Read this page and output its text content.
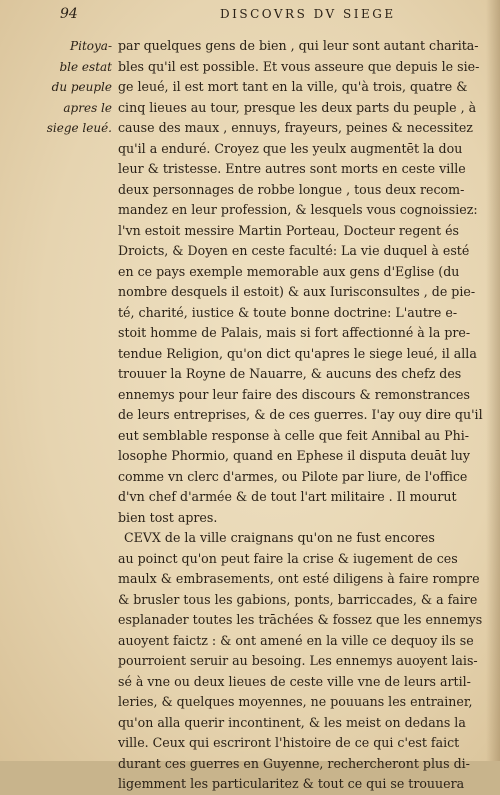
94	DISCOVRS DV SIEGE
Pitoya-
ble estat
du peuple
apres le
siege leué.
par quelques gens de bien , qui leur sont autant charita-
bles qu'il est possible. Et vous asseure que depuis le sie-
ge leué, il est mort tant en la ville, qu'à trois, quatre &
cinq lieues au tour, presque les deux parts du peuple , à
cause des maux , ennuys, frayeurs, peines & necessitez
qu'il a enduré. Croyez que les yeulx augmentēt la dou
leur & tristesse. Entre autres sont morts en ceste ville
deux personnages de robbe longue , tous deux recom-
mandez en leur profession, & lesquels vous cognoissiez:
l'vn estoit messire Martin Porteau, Docteur regent és
Droicts, & Doyen en ceste faculté: La vie duquel à esté
en ce pays exemple memorable aux gens d'Eglise (du
nombre desquels il estoit) & aux Iurisconsultes , de pie-
té, charité, iustice & toute bonne doctrine: L'autre e-
stoit homme de Palais, mais si fort affectionné à la pre-
tendue Religion, qu'on dict qu'apres le siege leué, il alla
trouuer la Royne de Nauarre, & aucuns des chefz des
ennemys pour leur faire des discours & remonstrances
de leurs entreprises, & de ces guerres. I'ay ouy dire qu'il
eut semblable response à celle que feit Annibal au Phi-
losophe Phormio, quand en Ephese il disputa deuāt luy
comme vn clerc d'armes, ou Pilote par liure, de l'office
d'vn chef d'armée & de tout l'art militaire . Il mourut
bien tost apres.
CEVX de la ville craignans qu'on ne fust encores
au poinct qu'on peut faire la crise & iugement de ces
maulx & embrasements, ont esté diligens à faire rompre
& brusler tous les gabions, ponts, barriccades, & a faire
esplanader toutes les trāchées & fossez que les ennemys
auoyent faictz : & ont amené en la ville ce dequoy ils se
pourroient seruir au besoing. Les ennemys auoyent lais-
sé à vne ou deux lieues de ceste ville vne de leurs artil-
leries, & quelques moyennes, ne pouuans les entrainer,
qu'on alla querir incontinent, & les meist on dedans la
ville. Ceux qui escriront l'histoire de ce qui c'est faict
durant ces guerres en Guyenne, rechercheront plus di-
ligemment les particularitez & tout ce qui se trouuera
